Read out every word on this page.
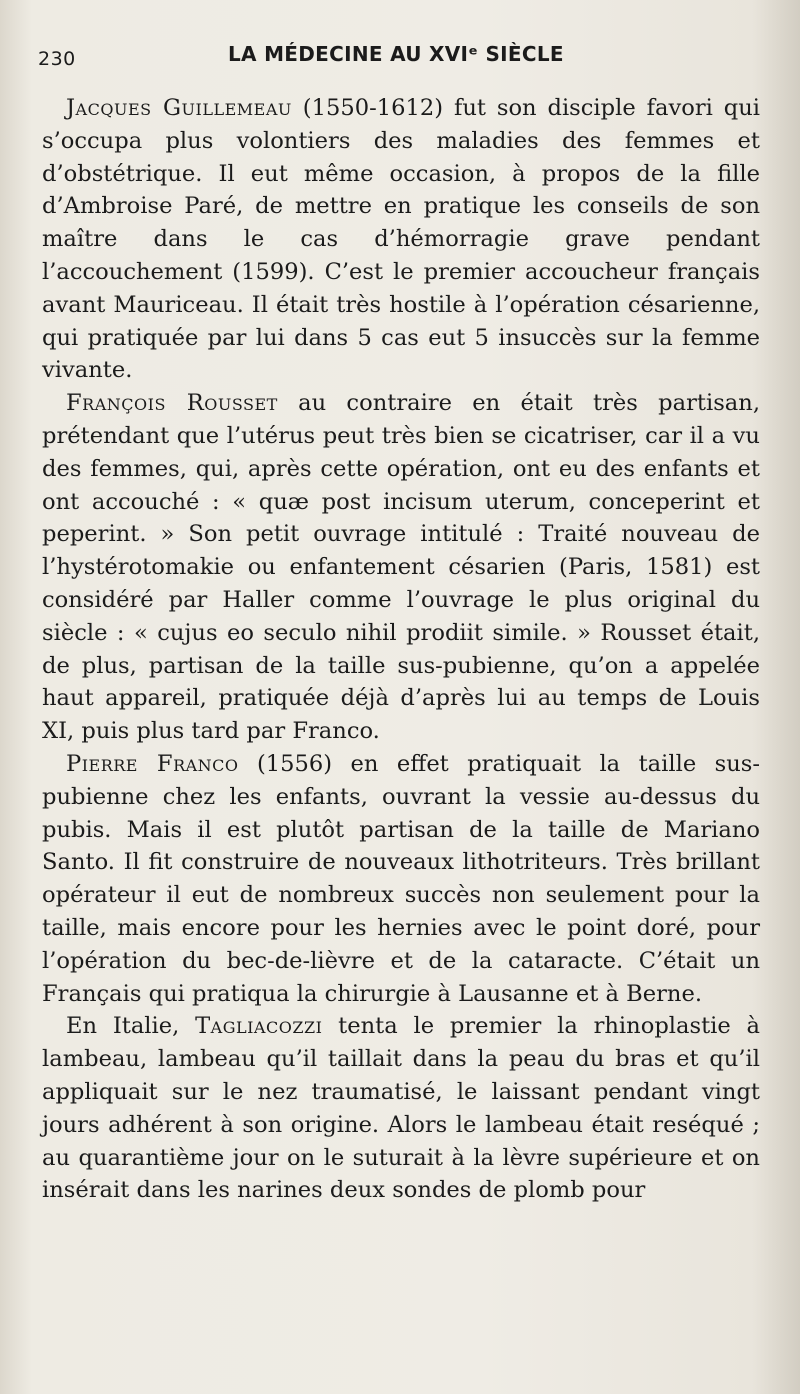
230	LA MÉDECINE AU XVIᵉ SIÈCLE

Jacques Guillemeau (1550-1612) fut son disciple favori qui s’occupa plus volontiers des maladies des femmes et d’obstétrique. Il eut même occasion, à propos de la fille d’Ambroise Paré, de mettre en pratique les conseils de son maître dans le cas d’hémorragie grave pendant l’accouchement (1599). C’est le premier accoucheur français avant Mauriceau. Il était très hostile à l’opération césarienne, qui pratiquée par lui dans 5 cas eut 5 insuccès sur la femme vivante.

François Rousset au contraire en était très partisan, prétendant que l’utérus peut très bien se cicatriser, car il a vu des femmes, qui, après cette opération, ont eu des enfants et ont accouché : « quæ post incisum uterum, conceperint et peperint. » Son petit ouvrage intitulé : Traité nouveau de l’hystérotomakie ou enfantement césarien (Paris, 1581) est considéré par Haller comme l’ouvrage le plus original du siècle : « cujus eo seculo nihil prodiit simile. » Rousset était, de plus, partisan de la taille sus-pubienne, qu’on a appelée haut appareil, pratiquée déjà d’après lui au temps de Louis XI, puis plus tard par Franco.

Pierre Franco (1556) en effet pratiquait la taille sus-pubienne chez les enfants, ouvrant la vessie au-dessus du pubis. Mais il est plutôt partisan de la taille de Mariano Santo. Il fit construire de nouveaux lithotriteurs. Très brillant opérateur il eut de nombreux succès non seulement pour la taille, mais encore pour les hernies avec le point doré, pour l’opération du bec-de-lièvre et de la cataracte. C’était un Français qui pratiqua la chirurgie à Lausanne et à Berne.

En Italie, Tagliacozzi tenta le premier la rhinoplastie à lambeau, lambeau qu’il taillait dans la peau du bras et qu’il appliquait sur le nez traumatisé, le laissant pendant vingt jours adhérent à son origine. Alors le lambeau était reséqué ; au quarantième jour on le suturait à la lèvre supérieure et on insérait dans les narines deux sondes de plomb pour
